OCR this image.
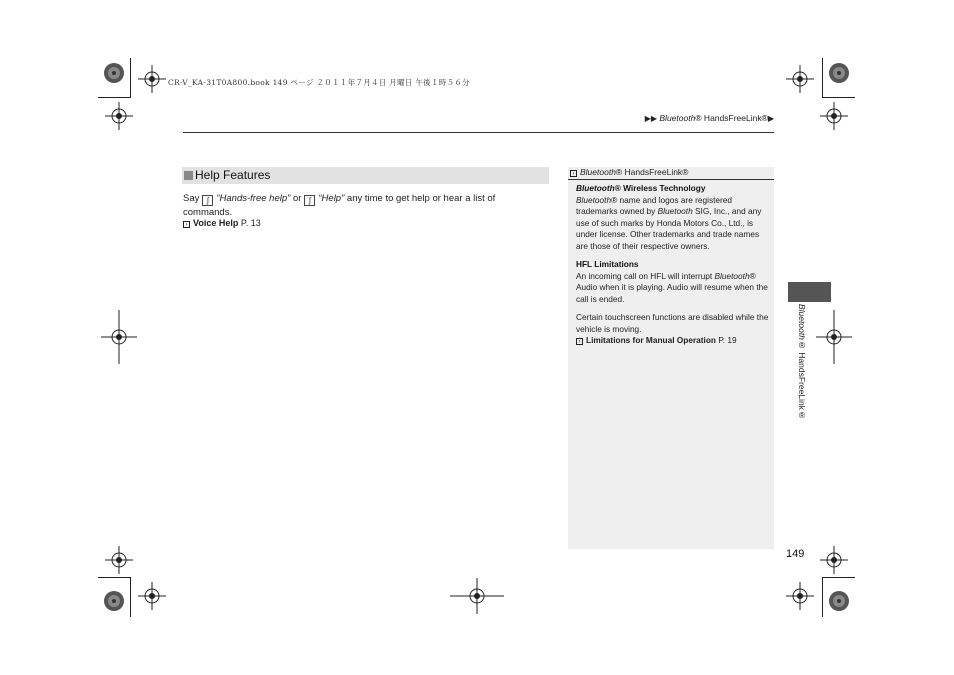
CR-V_KA-31T0A800.book 149 ページ ２０１１年７月４日 月曜日 午後１時５６分
▶▶ Bluetooth® HandsFreeLink®▶
Help Features
Say ʃ “Hands-free help” or ʃ “Help” any time to get help or hear a list of commands.
› Voice Help P. 13
› Bluetooth® HandsFreeLink®

Bluetooth® Wireless Technology
Bluetooth® name and logos are registered trademarks owned by Bluetooth SIG, Inc., and any use of such marks by Honda Motors Co., Ltd., is under license. Other trademarks and trade names are those of their respective owners.

HFL Limitations
An incoming call on HFL will interrupt Bluetooth® Audio when it is playing. Audio will resume when the call is ended.

Certain touchscreen functions are disabled while the vehicle is moving.
› Limitations for Manual Operation P. 19

Bluetooth® HandsFreeLink®
149
